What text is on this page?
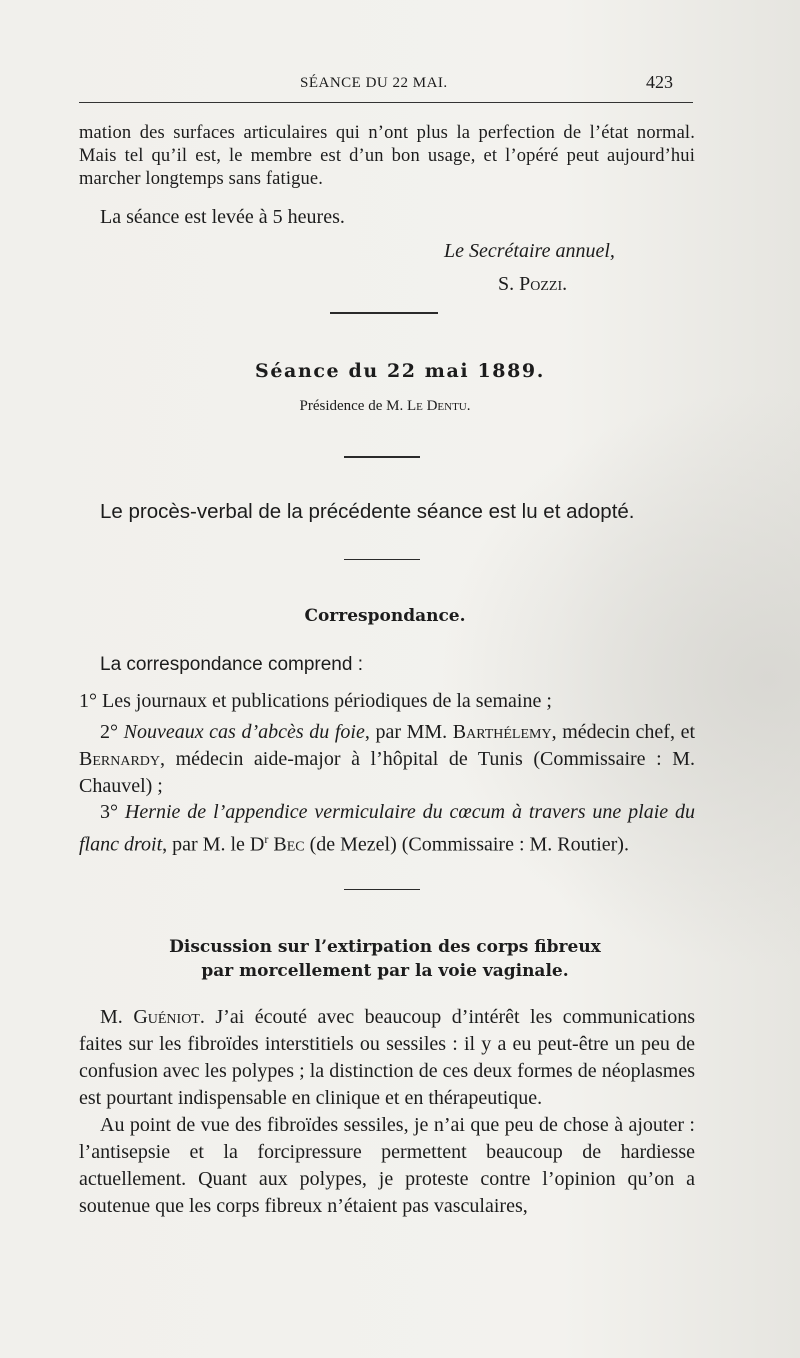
SÉANCE DU 22 MAI.	423
mation des surfaces articulaires qui n’ont plus la perfection de l’état normal. Mais tel qu’il est, le membre est d’un bon usage, et l’opéré peut aujourd’hui marcher longtemps sans fatigue.
La séance est levée à 5 heures.
Le Secrétaire annuel,
S. Pozzi.
Séance du 22 mai 1889.
Présidence de M. Le Dentu.
Le procès-verbal de la précédente séance est lu et adopté.
Correspondance.
La correspondance comprend :
1° Les journaux et publications périodiques de la semaine ;
2° Nouveaux cas d’abcès du foie, par MM. Barthélemy, médecin chef, et Bernardy, médecin aide-major à l’hôpital de Tunis (Commissaire : M. Chauvel) ;
3° Hernie de l’appendice vermiculaire du cœcum à travers une plaie du flanc droit, par M. le $D^r$ Bec (de Mezel) (Commissaire : M. Routier).
Discussion sur l’extirpation des corps fibreux
par morcellement par la voie vaginale.

M. Guéniot. J’ai écouté avec beaucoup d’intérêt les communications faites sur les fibroïdes interstitiels ou sessiles : il y a eu peut-être un peu de confusion avec les polypes ; la distinction de ces deux formes de néoplasmes est pourtant indispensable en clinique et en thérapeutique.

Au point de vue des fibroïdes sessiles, je n’ai que peu de chose à ajouter : l’antisepsie et la forcipressure permettent beaucoup de hardiesse actuellement. Quant aux polypes, je proteste contre l’opinion qu’on a soutenue que les corps fibreux n’étaient pas vasculaires,
